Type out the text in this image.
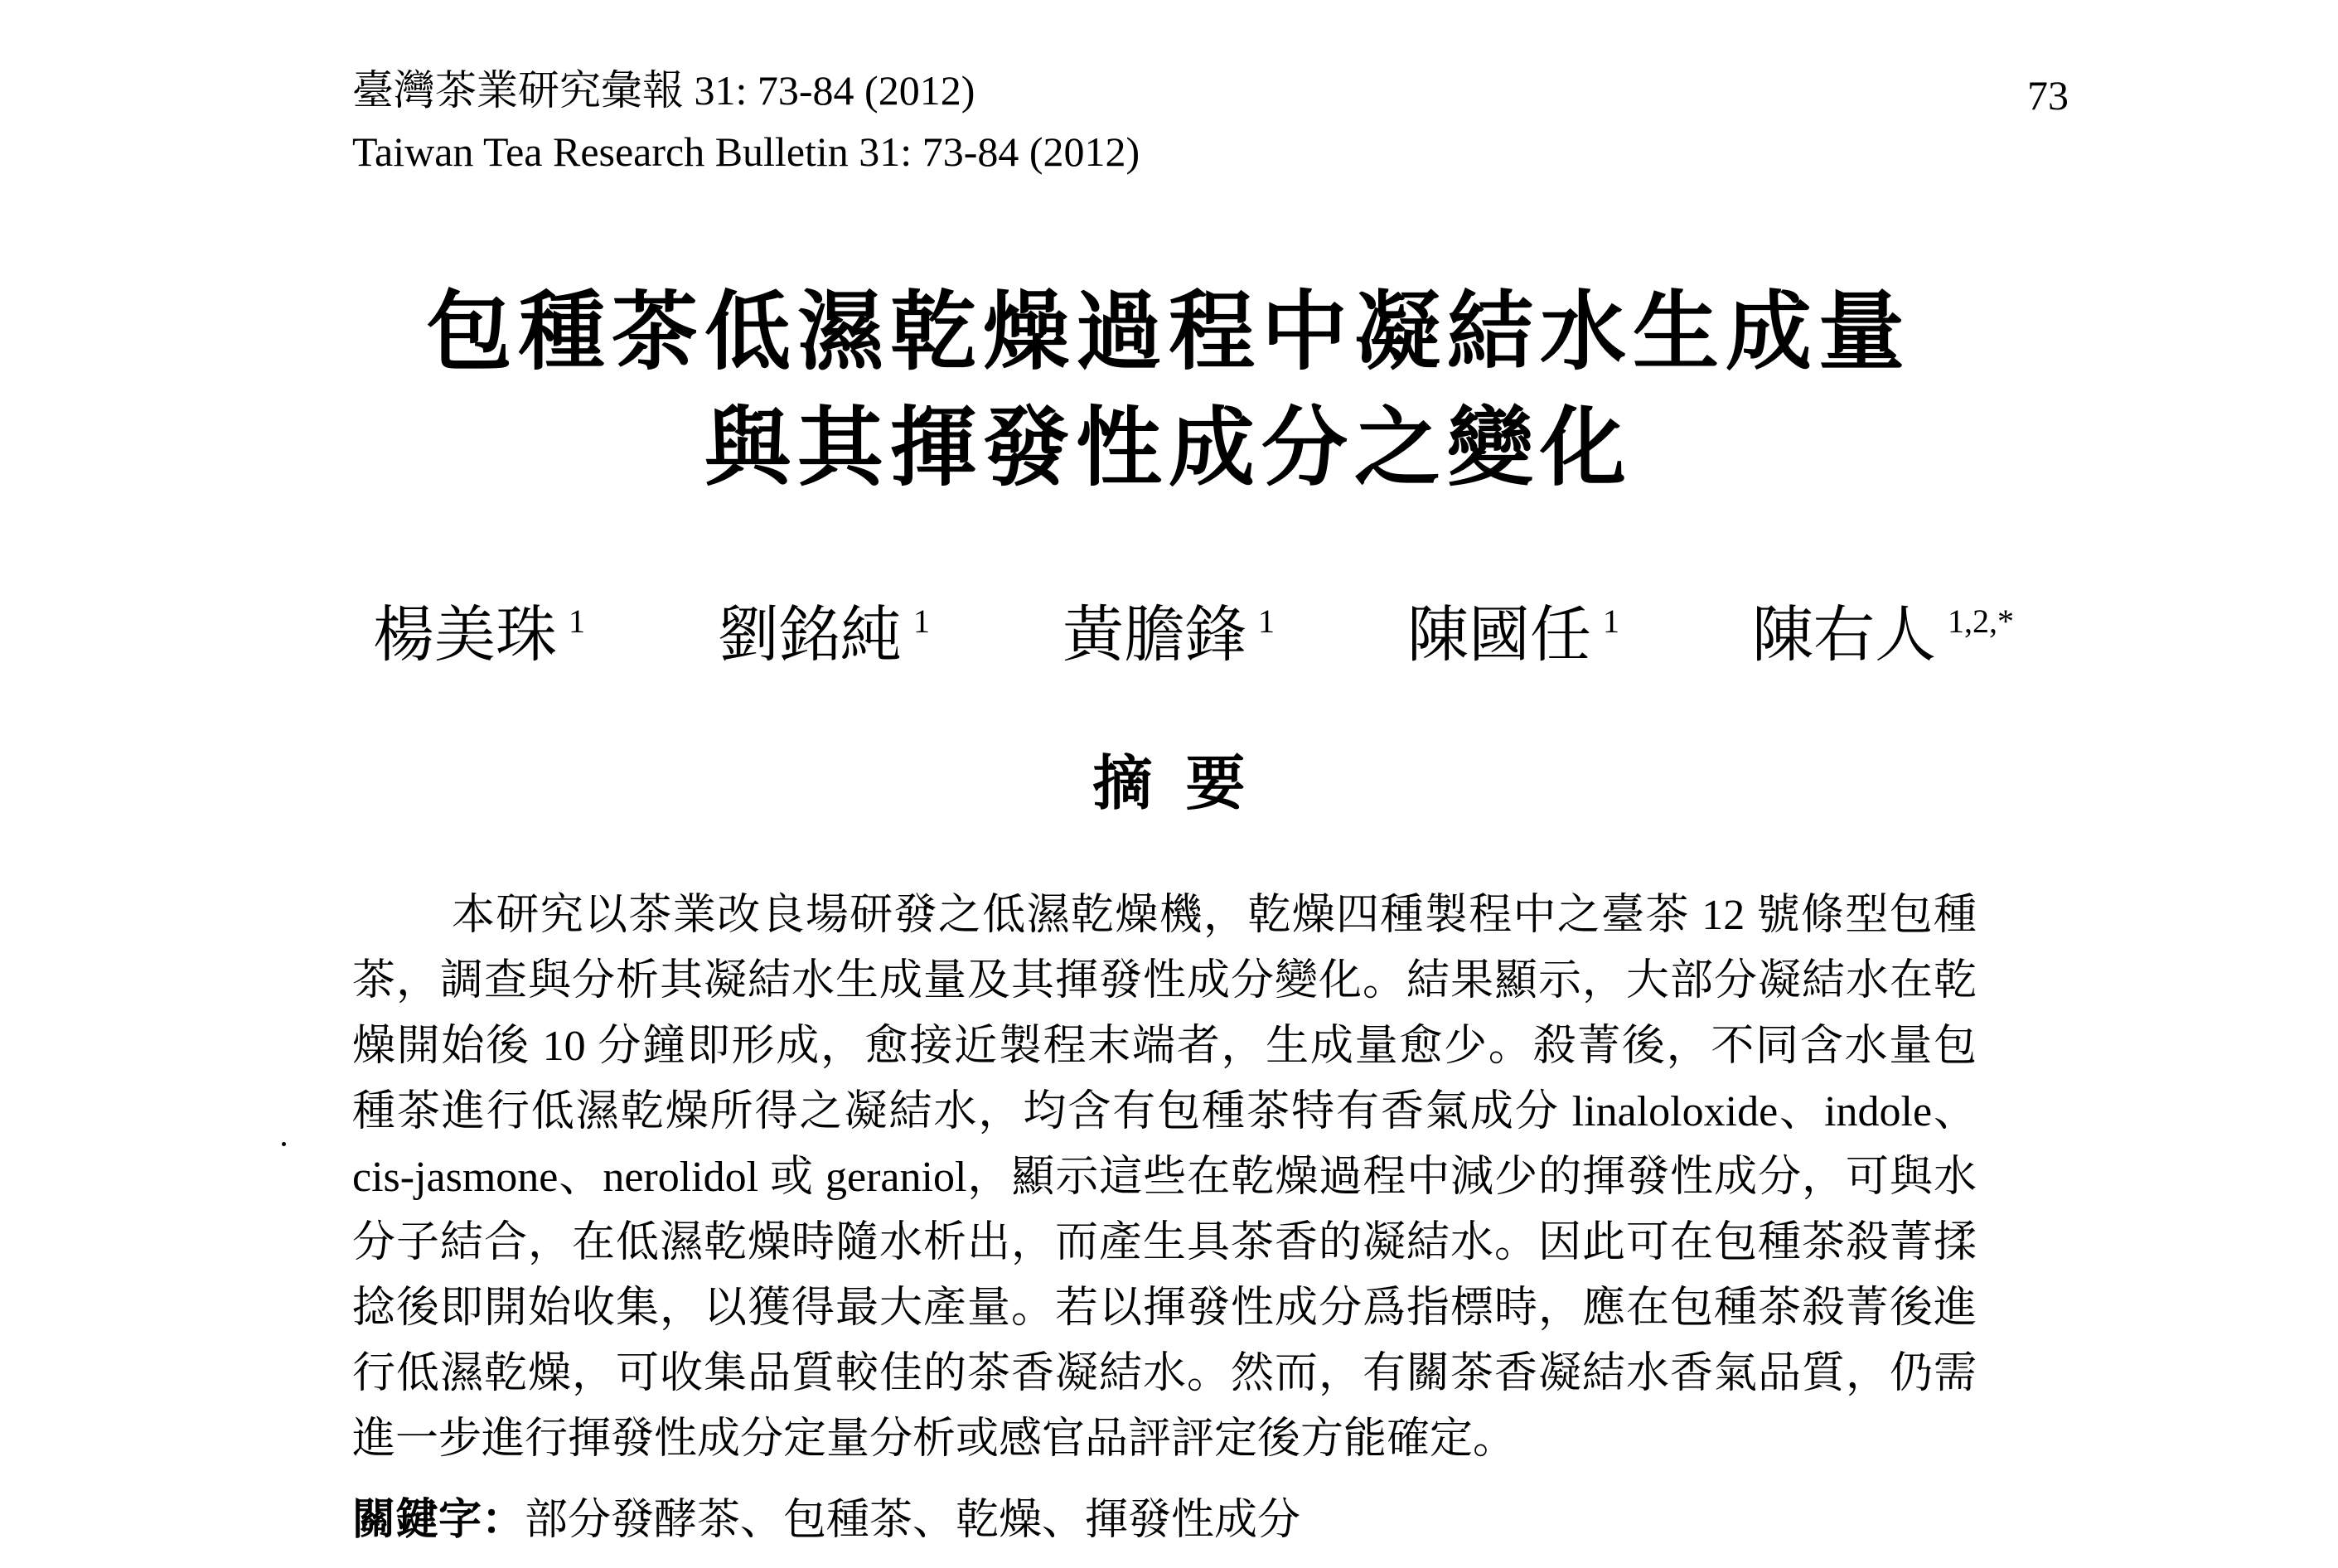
臺灣茶業研究彙報 31: 73-84 (2012)
Taiwan Tea Research Bulletin 31: 73-84 (2012)
73
包種茶低濕乾燥過程中凝結水生成量
與其揮發性成分之變化
楊美珠 $^1$ 劉銘純 $^1$ 黃膽鋒 $^1$ 陳國任 $^1$ 陳右人 $^{1,2,*}$
摘要
本研究以茶業改良場研發之低濕乾燥機，乾燥四種製程中之臺茶 12 號條型包種
茶，調查與分析其凝結水生成量及其揮發性成分變化。結果顯示，大部分凝結水在乾
燥開始後 10 分鐘即形成，愈接近製程末端者，生成量愈少。殺菁後，不同含水量包
種茶進行低濕乾燥所得之凝結水，均含有包種茶特有香氣成分 linaloloxide、indole、
cis-jasmone、nerolidol 或 geraniol，顯示這些在乾燥過程中減少的揮發性成分，可與水
分子結合，在低濕乾燥時隨水析出，而產生具茶香的凝結水。因此可在包種茶殺菁揉
捻後即開始收集，以獲得最大產量。若以揮發性成分爲指標時，應在包種茶殺菁後進
行低濕乾燥，可收集品質較佳的茶香凝結水。然而，有關茶香凝結水香氣品質，仍需
進一步進行揮發性成分定量分析或感官品評評定後方能確定。
關鍵字：部分發酵茶、包種茶、乾燥、揮發性成分
